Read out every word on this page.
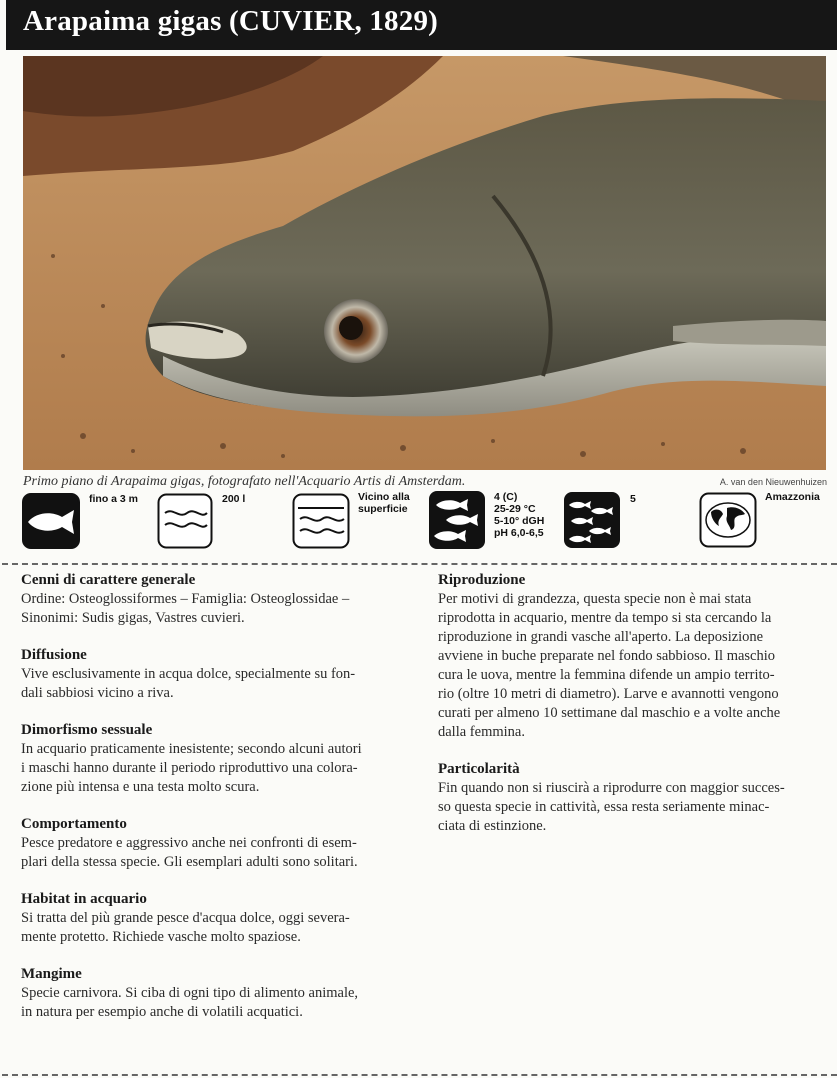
Arapaima gigas (CUVIER, 1829)
Primo piano di Arapaima gigas, fotografato nell'Acquario Artis di Amsterdam.	A. van den Nieuwenhuizen
fino a 3 m	200 l	Vicino alla
superficie
4 (C)
25-29 °C
5-10° dGH
pH 6,0-6,5
5	Amazzonia
Cenni di carattere generale

Ordine: Osteoglossiformes – Famiglia: Osteoglossidae –
Sinonimi: Sudis gigas, Vastres cuvieri.

Diffusione

Vive esclusivamente in acqua dolce, specialmente su fon-
dali sabbiosi vicino a riva.

Dimorfismo sessuale

In acquario praticamente inesistente; secondo alcuni autori
i maschi hanno durante il periodo riproduttivo una colora-
zione più intensa e una testa molto scura.

Comportamento

Pesce predatore e aggressivo anche nei confronti di esem-
plari della stessa specie. Gli esemplari adulti sono solitari.

Habitat in acquario

Si tratta del più grande pesce d'acqua dolce, oggi severa-
mente protetto. Richiede vasche molto spaziose.

Mangime

Specie carnivora. Si ciba di ogni tipo di alimento animale,
in natura per esempio anche di volatili acquatici.

Riproduzione

Per motivi di grandezza, questa specie non è mai stata
riprodotta in acquario, mentre da tempo si sta cercando la
riproduzione in grandi vasche all'aperto. La deposizione
avviene in buche preparate nel fondo sabbioso. Il maschio
cura le uova, mentre la femmina difende un ampio territo-
rio (oltre 10 metri di diametro). Larve e avannotti vengono
curati per almeno 10 settimane dal maschio e a volte anche
dalla femmina.

Particolarità

Fin quando non si riuscirà a riprodurre con maggior succes-
so questa specie in cattività, essa resta seriamente minac-
ciata di estinzione.
